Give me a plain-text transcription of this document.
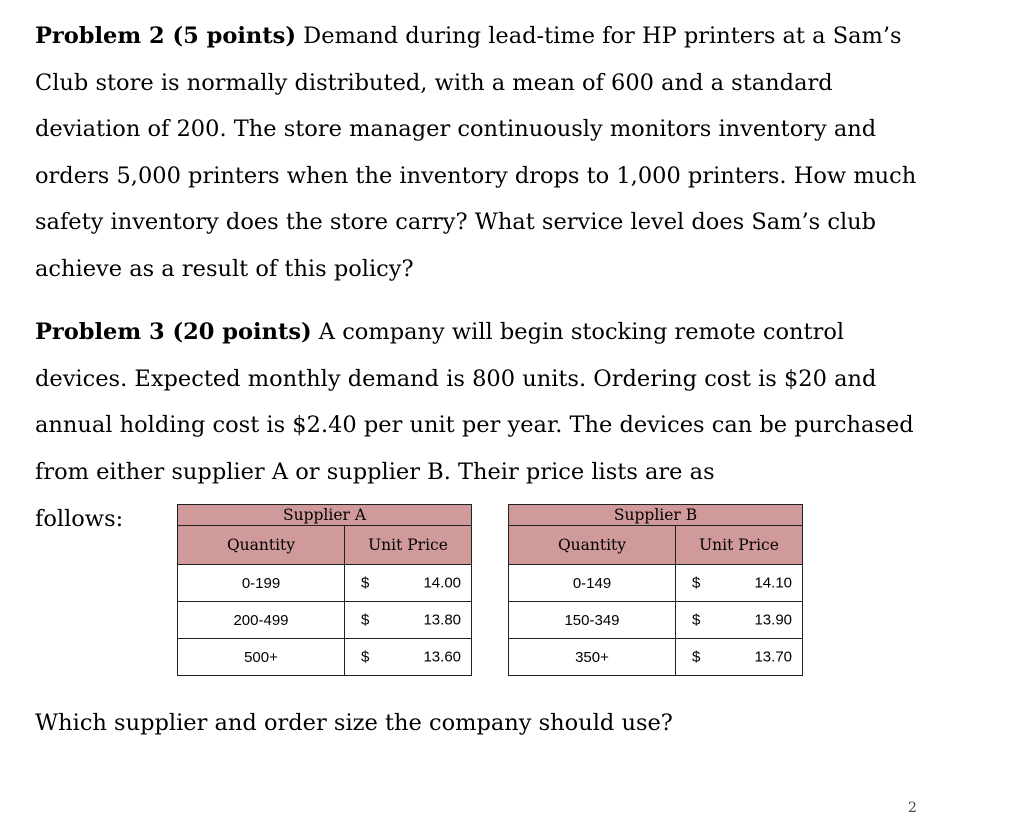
Problem 2 (5 points) Demand during lead-time for HP printers at a Sam’s Club store is normally distributed, with a mean of 600 and a standard deviation of 200. The store manager continuously monitors inventory and orders 5,000 printers when the inventory drops to 1,000 printers. How much safety inventory does the store carry? What service level does Sam’s club achieve as a result of this policy?

Problem 3 (20 points) A company will begin stocking remote control devices. Expected monthly demand is 800 units. Ordering cost is $20 and annual holding cost is $2.40 per unit per year. The devices can be purchased from either supplier A or supplier B. Their price lists are as

follows:	Supplier A	
Quantity	Unit Price
0-199	$ 14.00

200-499	$ 13.80

500+	$ 13.60
Supplier B	
Quantity	Unit Price
0-149	$ 14.10

150-349	$ 13.90

350+	$ 13.70
Which supplier and order size the company should use?
2
